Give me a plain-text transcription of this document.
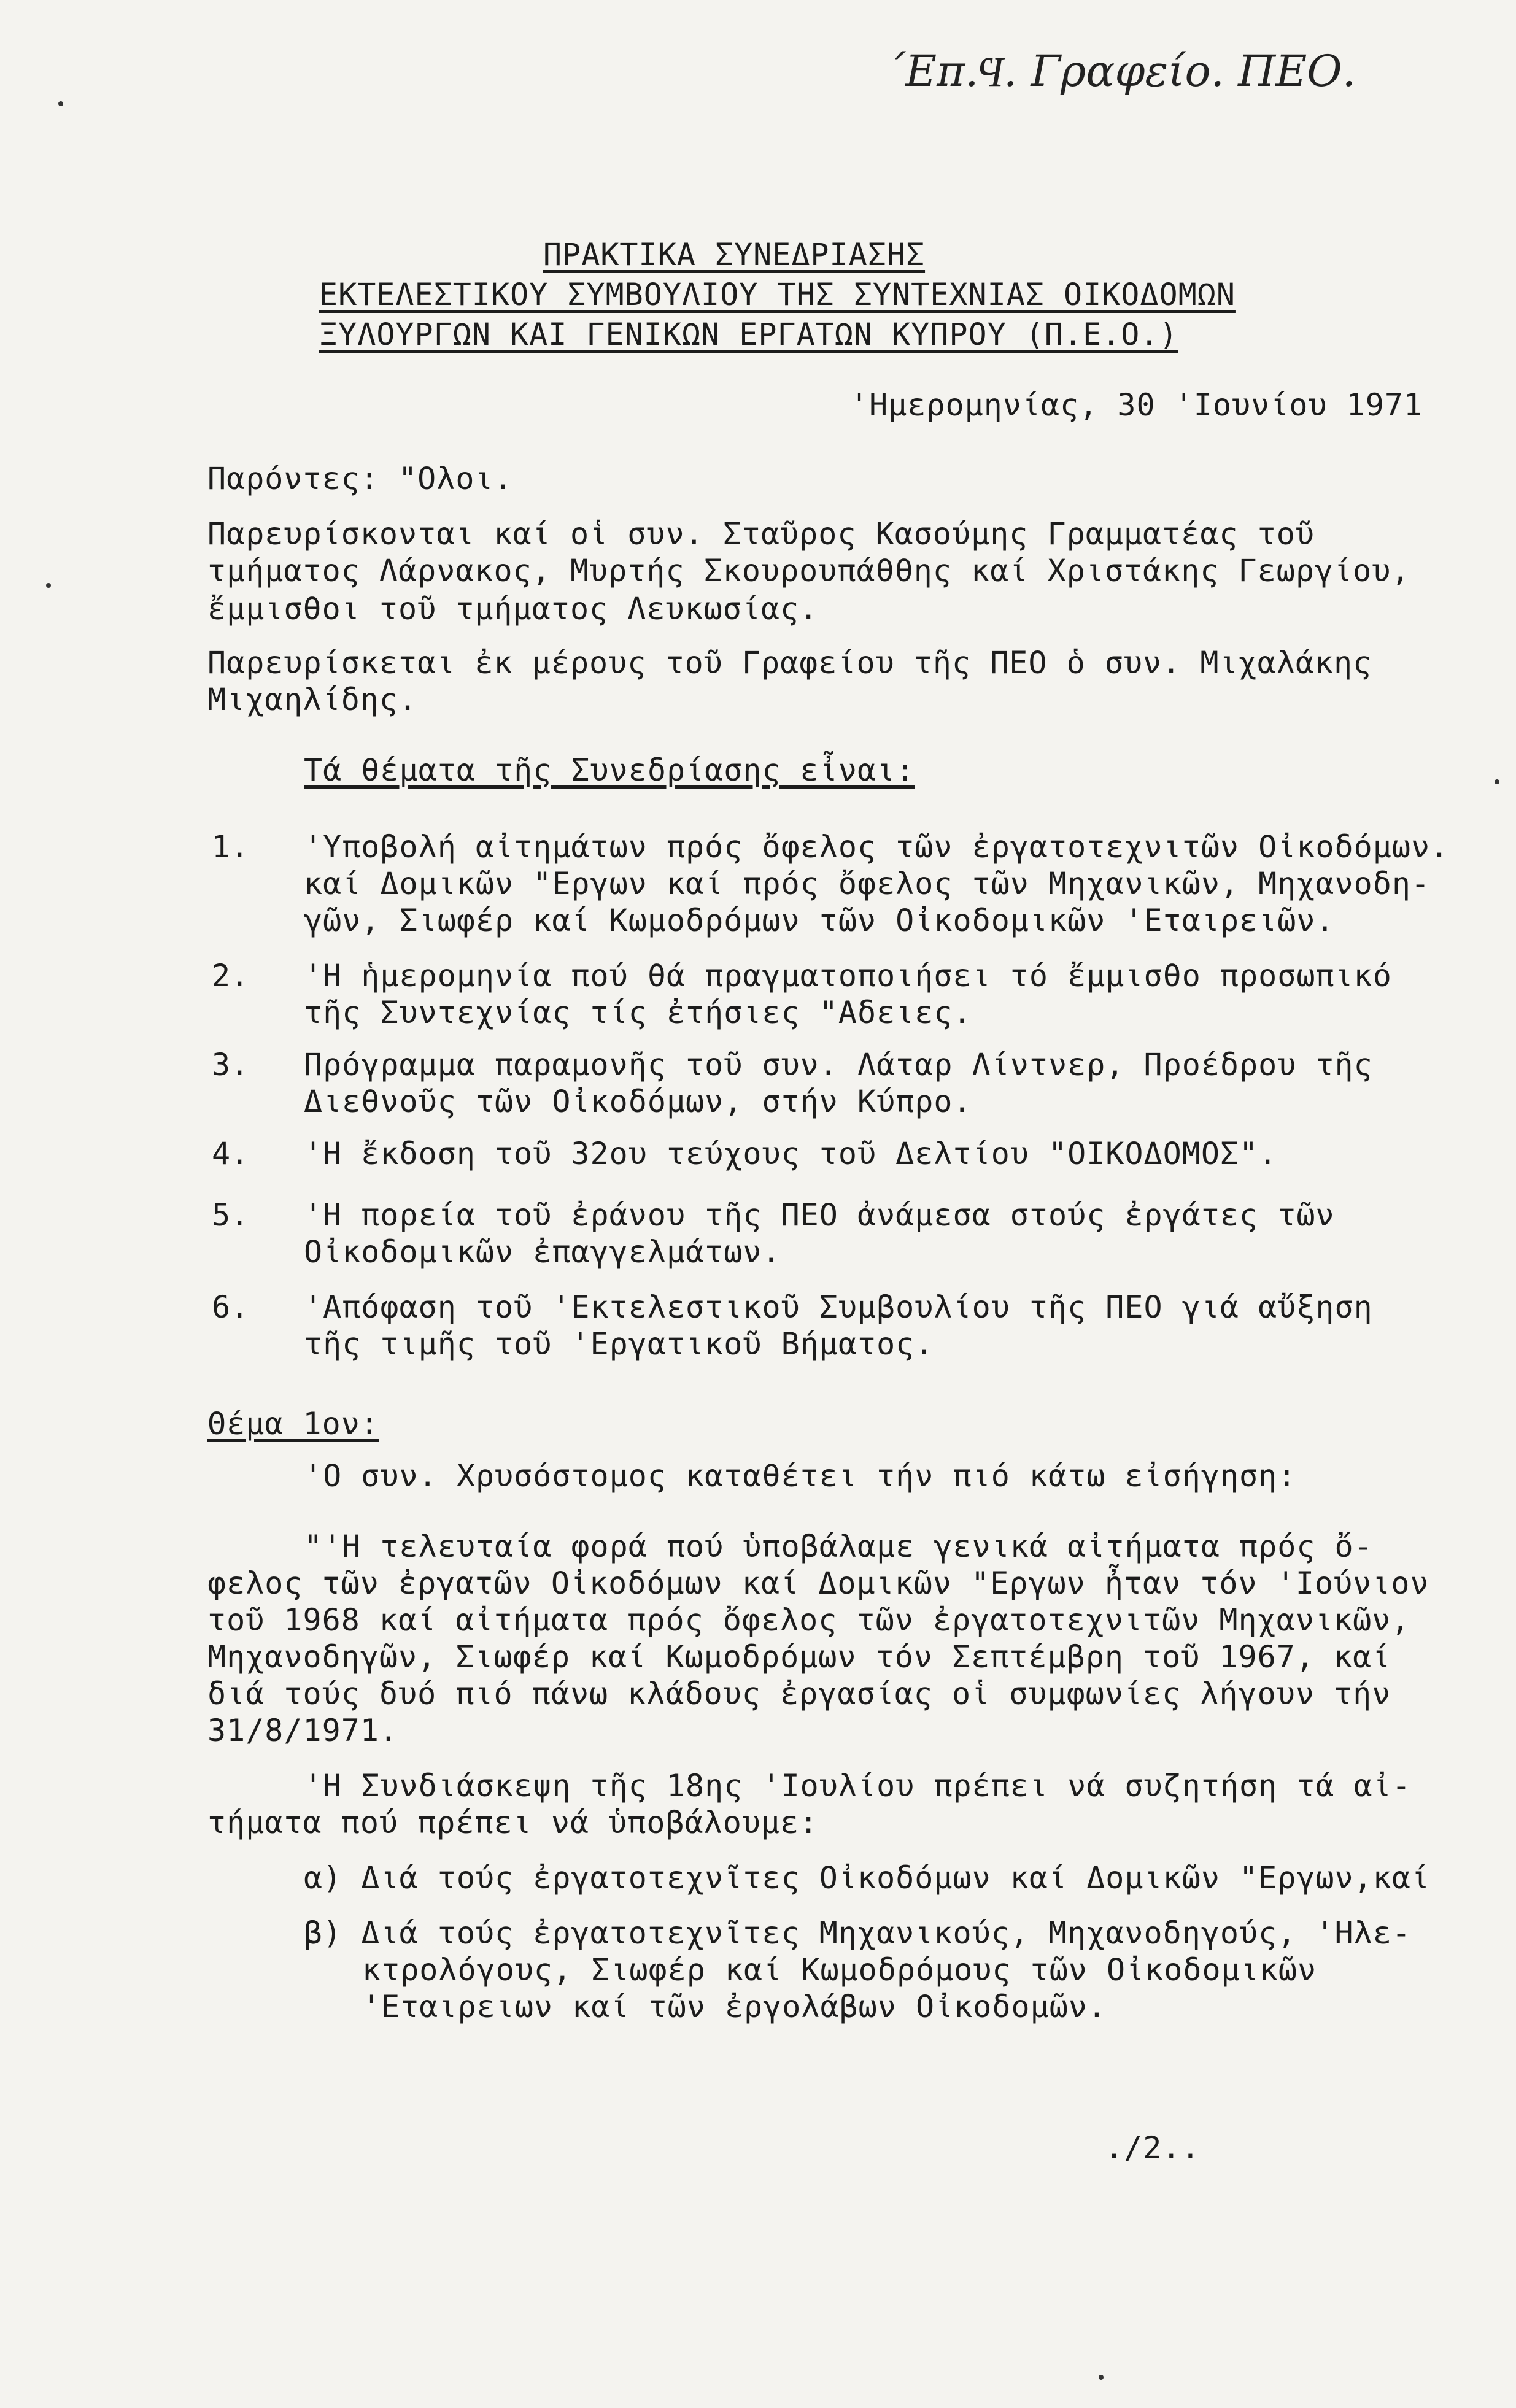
´Επ.Ϥ. Γραφείο. ΠΕΟ.
ΠΡΑΚΤΙΚΑ ΣΥΝΕΔΡΙΑΣΗΣ
ΕΚΤΕΛΕΣΤΙΚΟΥ ΣΥΜΒΟΥΛΙΟΥ ΤΗΣ ΣΥΝΤΕΧΝΙΑΣ ΟΙΚΟΔΟΜΩΝ
ΞΥΛΟΥΡΓΩΝ ΚΑΙ ΓΕΝΙΚΩΝ ΕΡΓΑΤΩΝ ΚΥΠΡΟΥ (Π.Ε.Ο.)
'Ημερομηνίας, 30 'Ιουνίου 1971
Παρόντες: "Ολοι.
Παρευρίσκονται καί οἱ συν. Σταῦρος Κασούμης Γραμματέας τοῦ
τμήματος Λάρνακος, Μυρτής Σκουρουπάθθης καί Χριστάκης Γεωργίου,
ἔμμισθοι τοῦ τμήματος Λευκωσίας.
Παρευρίσκεται ἐκ μέρους τοῦ Γραφείου τῆς ΠΕΟ ὁ συν. Μιχαλάκης
Μιχαηλίδης.
Τά θέματα τῆς Συνεδρίασης εἶναι:
1. 'Υποβολή αἰτημάτων πρός ὄφελος τῶν ἐργατοτεχνιτῶν Οἰκοδόμων.
καί Δομικῶν "Εργων καί πρός ὄφελος τῶν Μηχανικῶν, Μηχανοδη-
γῶν, Σιωφέρ καί Κωμοδρόμων τῶν Οἰκοδομικῶν 'Εταιρειῶν.
2. 'Η ἡμερομηνία πού θά πραγματοποιήσει τό ἔμμισθο προσωπικό
τῆς Συντεχνίας τίς ἐτήσιες "Αδειες.
3. Πρόγραμμα παραμονῆς τοῦ συν. Λάταρ Λίντνερ, Προέδρου τῆς
Διεθνοῦς τῶν Οἰκοδόμων, στήν Κύπρο.
4. 'Η ἔκδοση τοῦ 32ου τεύχους τοῦ Δελτίου "ΟΙΚΟΔΟΜΟΣ".
5. 'Η πορεία τοῦ ἐράνου τῆς ΠΕΟ ἀνάμεσα στούς ἐργάτες τῶν
Οἰκοδομικῶν ἐπαγγελμάτων.
6. 'Απόφαση τοῦ 'Εκτελεστικοῦ Συμβουλίου τῆς ΠΕΟ γιά αὔξηση
τῆς τιμῆς τοῦ 'Εργατικοῦ Βήματος.
Θέμα 1ον:
'Ο συν. Χρυσόστομος καταθέτει τήν πιό κάτω εἰσήγηση:
"'Η τελευταία φορά πού ὑποβάλαμε γενικά αἰτήματα πρός ὄ-
φελος τῶν ἐργατῶν Οἰκοδόμων καί Δομικῶν "Εργων ἦταν τόν 'Ιούνιον
τοῦ 1968 καί αἰτήματα πρός ὄφελος τῶν ἐργατοτεχνιτῶν Μηχανικῶν,
Μηχανοδηγῶν, Σιωφέρ καί Κωμοδρόμων τόν Σεπτέμβρη τοῦ 1967, καί
διά τούς δυό πιό πάνω κλάδους ἐργασίας οἱ συμφωνίες λήγουν τήν
31/8/1971.
'Η Συνδιάσκεψη τῆς 18ης 'Ιουλίου πρέπει νά συζητήση τά αἰ-
τήματα πού πρέπει νά ὑποβάλουμε:
α) Διά τούς ἐργατοτεχνῖτες Οἰκοδόμων καί Δομικῶν "Εργων,καί
β) Διά τούς ἐργατοτεχνῖτες Μηχανικούς, Μηχανοδηγούς, 'Ηλε-
κτρολόγους, Σιωφέρ καί Κωμοδρόμους τῶν Οἰκοδομικῶν
'Εταιρειων καί τῶν ἐργολάβων Οἰκοδομῶν.
./2..
